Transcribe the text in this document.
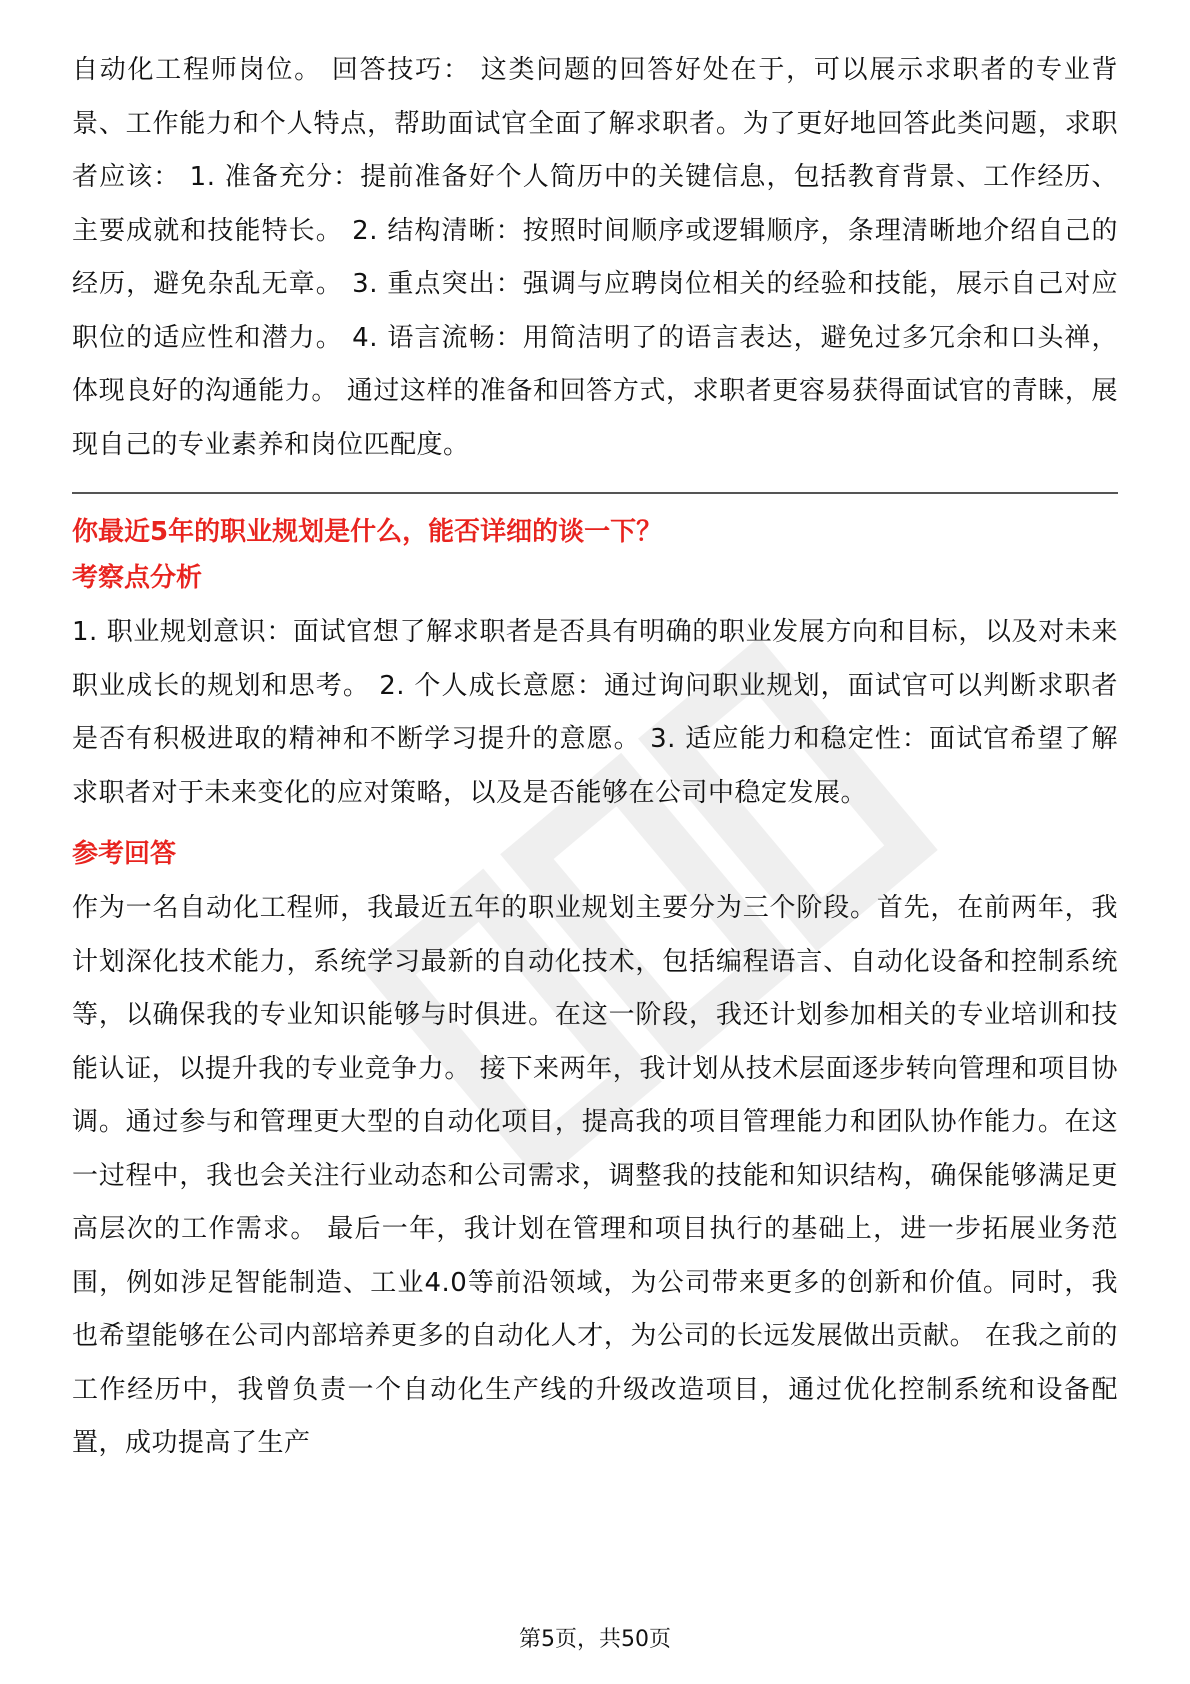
自动化工程师岗位。 回答技巧： 这类问题的回答好处在于，可以展示求职者的专业背景、工作能力和个人特点，帮助面试官全面了解求职者。为了更好地回答此类问题，求职者应该： 1. 准备充分：提前准备好个人简历中的关键信息，包括教育背景、工作经历、主要成就和技能特长。 2. 结构清晰：按照时间顺序或逻辑顺序，条理清晰地介绍自己的经历，避免杂乱无章。 3. 重点突出：强调与应聘岗位相关的经验和技能，展示自己对应职位的适应性和潜力。 4. 语言流畅：用简洁明了的语言表达，避免过多冗余和口头禅，体现良好的沟通能力。 通过这样的准备和回答方式，求职者更容易获得面试官的青睐，展现自己的专业素养和岗位匹配度。

你最近5年的职业规划是什么，能否详细的谈一下？

考察点分析

1. 职业规划意识：面试官想了解求职者是否具有明确的职业发展方向和目标，以及对未来职业成长的规划和思考。 2. 个人成长意愿：通过询问职业规划，面试官可以判断求职者是否有积极进取的精神和不断学习提升的意愿。 3. 适应能力和稳定性：面试官希望了解求职者对于未来变化的应对策略，以及是否能够在公司中稳定发展。

参考回答

作为一名自动化工程师，我最近五年的职业规划主要分为三个阶段。首先，在前两年，我计划深化技术能力，系统学习最新的自动化技术，包括编程语言、自动化设备和控制系统等，以确保我的专业知识能够与时俱进。在这一阶段，我还计划参加相关的专业培训和技能认证，以提升我的专业竞争力。 接下来两年，我计划从技术层面逐步转向管理和项目协调。通过参与和管理更大型的自动化项目，提高我的项目管理能力和团队协作能力。在这一过程中，我也会关注行业动态和公司需求，调整我的技能和知识结构，确保能够满足更高层次的工作需求。 最后一年，我计划在管理和项目执行的基础上，进一步拓展业务范围，例如涉足智能制造、工业4.0等前沿领域，为公司带来更多的创新和价值。同时，我也希望能够在公司内部培养更多的自动化人才，为公司的长远发展做出贡献。 在我之前的工作经历中，我曾负责一个自动化生产线的升级改造项目，通过优化控制系统和设备配置，成功提高了生产

第5页，共50页
